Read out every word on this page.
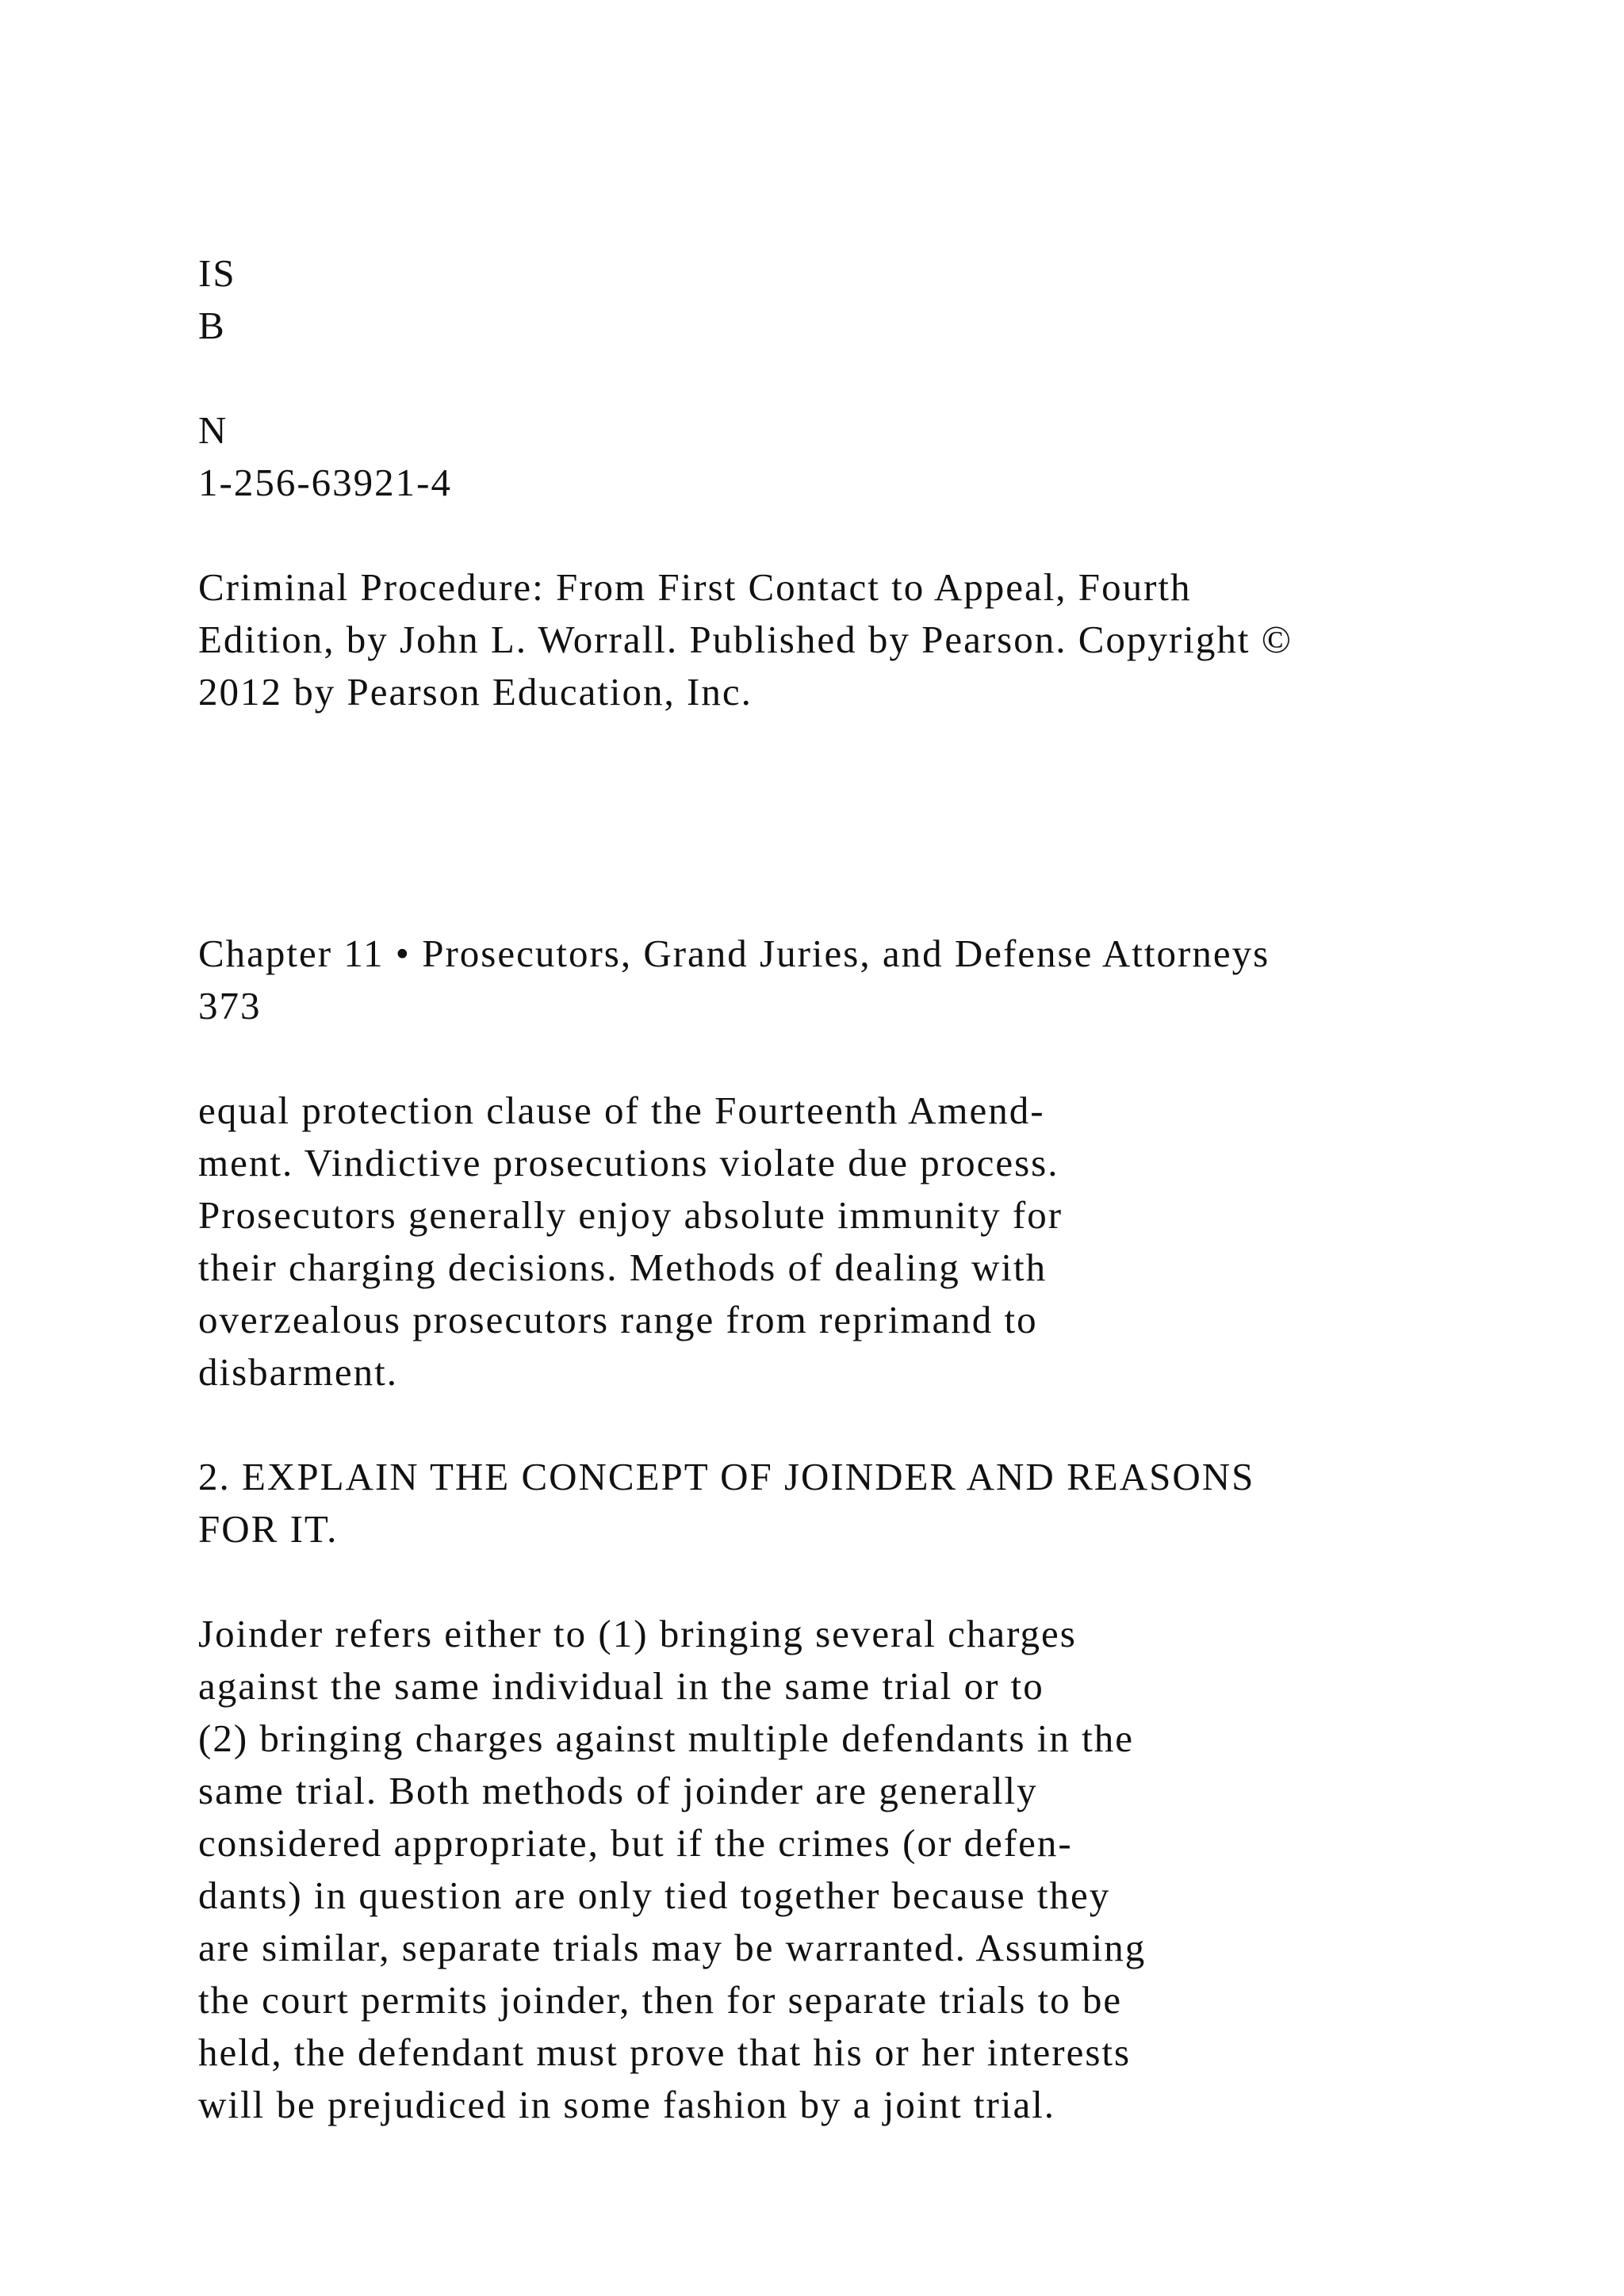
IS
B
N
1-256-63921-4
Criminal Procedure: From First Contact to Appeal, Fourth
Edition, by John L. Worrall. Published by Pearson. Copyright ©
2012 by Pearson Education, Inc.
Chapter 11 • Prosecutors, Grand Juries, and Defense Attorneys
373
equal protection clause of the Fourteenth Amend-
ment. Vindictive prosecutions violate due process.
Prosecutors generally enjoy absolute immunity for
their charging decisions. Methods of dealing with
overzealous prosecutors range from reprimand to
disbarment.
2. EXPLAIN THE CONCEPT OF JOINDER AND REASONS
FOR IT.
Joinder refers either to (1) bringing several charges
against the same individual in the same trial or to
(2) bringing charges against multiple defendants in the
same trial. Both methods of joinder are generally
considered appropriate, but if the crimes (or defen-
dants) in question are only tied together because they
are similar, separate trials may be warranted. Assuming
the court permits joinder, then for separate trials to be
held, the defendant must prove that his or her interests
will be prejudiced in some fashion by a joint trial.
